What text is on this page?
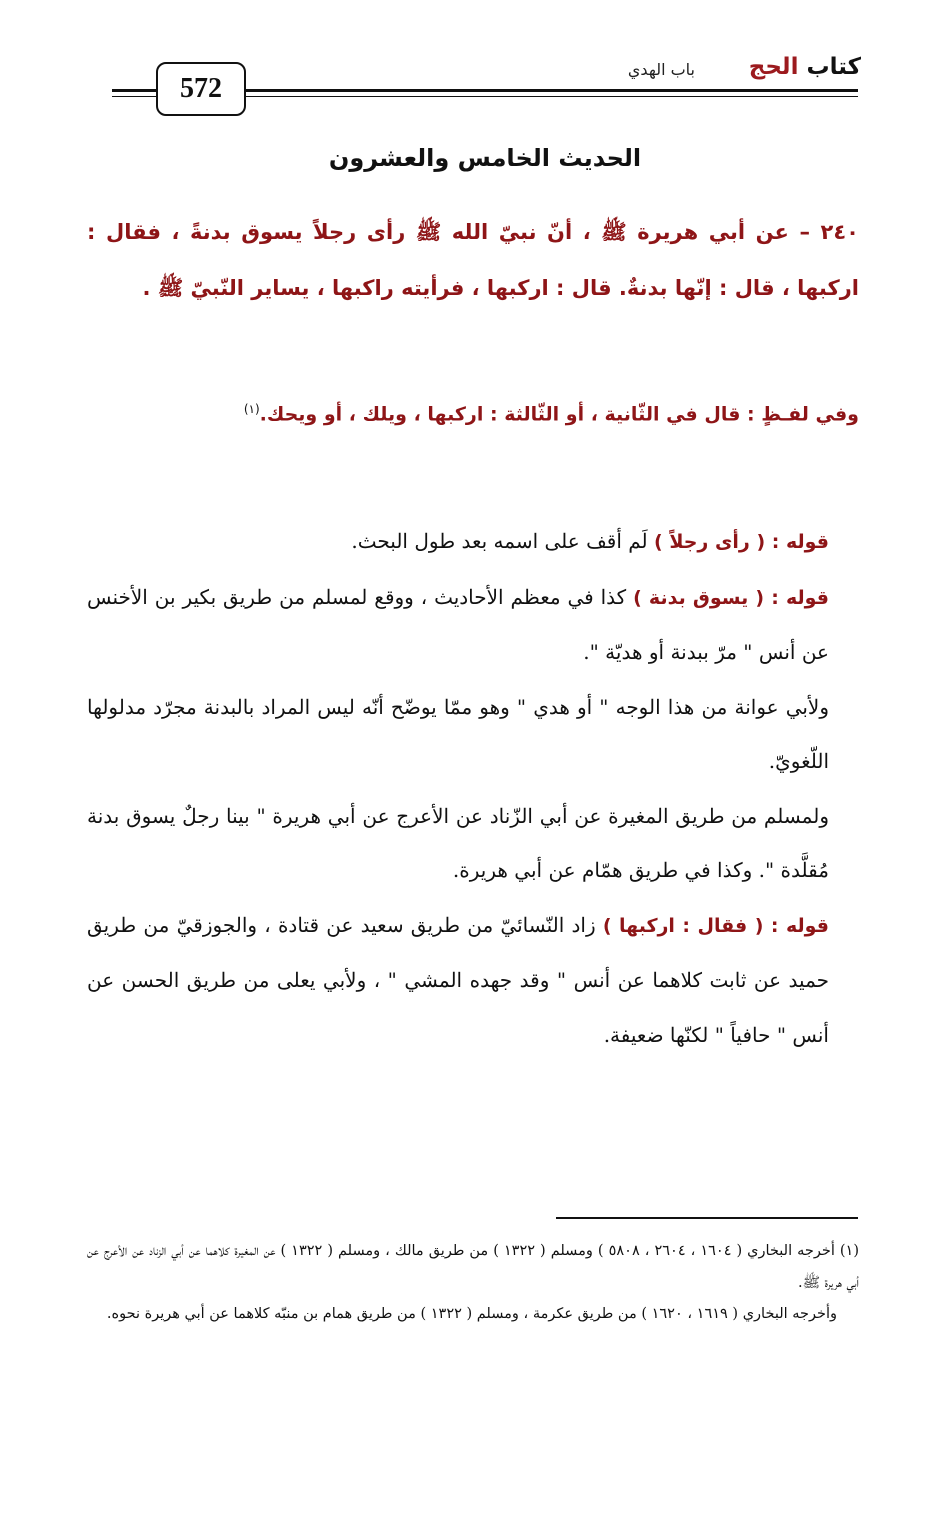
كتاب الحج
باب الهدي
572
الحديث الخامس والعشرون
٢٤٠ – عن أبي هريرة ﷺ ، أنّ نبيّ الله ﷺ رأى رجلاً يسوق بدنةً ، فقال : اركبها ، قال : إنّها بدنةٌ. قال : اركبها ، فرأيته راكبها ، يساير النّبيّ ﷺ .
وفي لفـظٍ : قال في الثّانية ، أو الثّالثة : اركبها ، ويلك ، أو ويحك.$^{(١)}$

قوله : ( رأى رجلاً ) لَم أقف على اسمه بعد طول البحث.

قوله : ( يسوق بدنة ) كذا في معظم الأحاديث ، ووقع لمسلم من طريق بكير بن الأخنس عن أنس " مرّ ببدنة أو هديّة ".

ولأبي عوانة من هذا الوجه " أو هدي " وهو ممّا يوضّح أنّه ليس المراد بالبدنة مجرّد مدلولها اللّغويّ.

ولمسلم من طريق المغيرة عن أبي الزّناد عن الأعرج عن أبي هريرة " بينا رجلٌ يسوق بدنة مُقلَّدة ". وكذا في طريق همّام عن أبي هريرة.

قوله : ( فقال : اركبها ) زاد النّسائيّ من طريق سعيد عن قتادة ، والجوزقيّ من طريق حميد عن ثابت كلاهما عن أنس " وقد جهده المشي " ، ولأبي يعلى من طريق الحسن عن أنس " حافياً " لكنّها ضعيفة.

(١) أخرجه البخاري ( ١٦٠٤ ، ٢٦٠٤ ، ٥٨٠٨ ) ومسلم ( ١٣٢٢ ) من طريق مالك ، ومسلم ( ١٣٢٢ ) عن المغيرة كلاهما عن أبي الزناد عن الأعرج عن أبي هريرة ﷺ.

وأخرجه البخاري ( ١٦١٩ ، ١٦٢٠ ) من طريق عكرمة ، ومسلم ( ١٣٢٢ ) من طريق همام بن منبّه كلاهما عن أبي هريرة نحوه.
